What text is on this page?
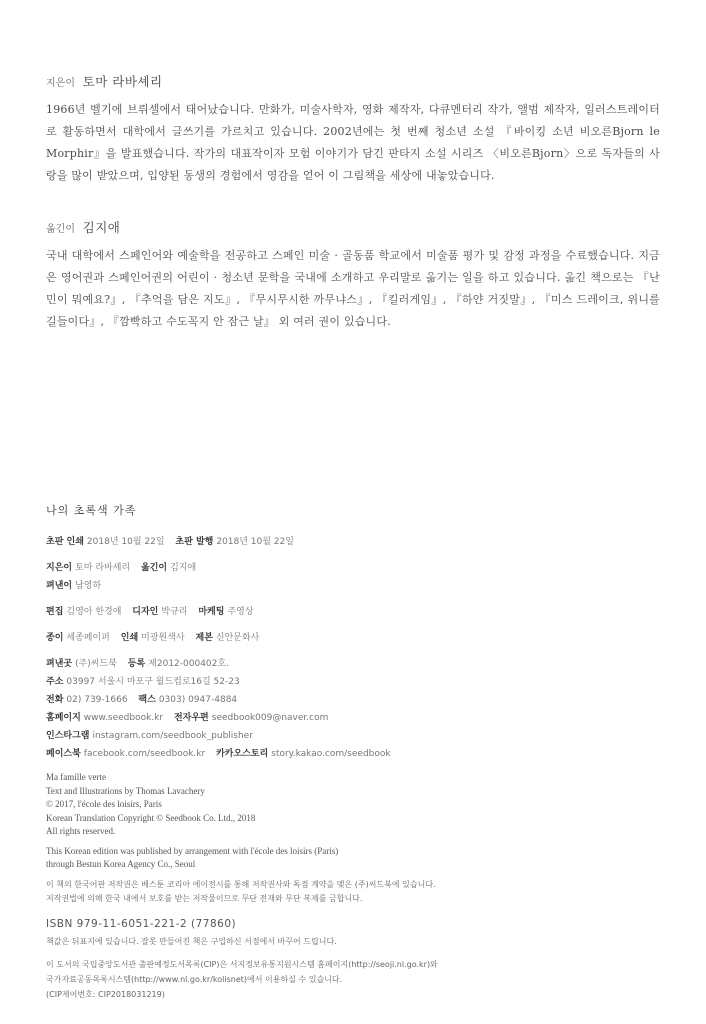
지은이 토마 라바셰리
1966년 벨기에 브뤼셀에서 태어났습니다. 만화가, 미술사학자, 영화 제작자, 다큐멘터리 작가, 앨범 제작자, 일러스트레이터로 활동하면서 대학에서 글쓰기를 가르치고 있습니다. 2002년에는 첫 번째 청소년 소설 『바이킹 소년 비오른Bjorn le Morphir』을 발표했습니다. 작가의 대표작이자 모험 이야기가 담긴 판타지 소설 시리즈 〈비오른Bjorn〉으로 독자들의 사랑을 많이 받았으며, 입양된 동생의 경험에서 영감을 얻어 이 그림책을 세상에 내놓았습니다.
옮긴이 김지애
국내 대학에서 스페인어와 예술학을 전공하고 스페인 미술 · 골동품 학교에서 미술품 평가 및 감정 과정을 수료했습니다. 지금은 영어권과 스페인어권의 어린이 · 청소년 문학을 국내에 소개하고 우리말로 옮기는 일을 하고 있습니다. 옮긴 책으로는 『난민이 뭐예요?』, 『추억을 담은 지도』, 『무시무시한 까무냐스』, 『킬러게임』, 『하얀 거짓말』, 『미스 드레이크, 위니를 길들이다』, 『깜빡하고 수도꼭지 안 잠근 날』 외 여러 권이 있습니다.
나의 초록색 가족
초판 인쇄 2018년 10월 22일 초판 발행 2018년 10월 22일
지은이 토마 라바셰리 옮긴이 김지애
펴낸이 남영하
편집 김영아 한경애 디자인 박규리 마케팅 주영상
종이 세종페이퍼 인쇄 미광원색사 제본 신안문화사
펴낸곳 (주)씨드북 등록 제2012-000402호.
주소 03997 서울시 마포구 월드컵로16길 52-23
전화 02) 739-1666 팩스 0303) 0947-4884
홈페이지 www.seedbook.kr 전자우편 seedbook009@naver.com
인스타그램 instagram.com/seedbook_publisher
페이스북 facebook.com/seedbook.kr 카카오스토리 story.kakao.com/seedbook

Ma famille verte

Text and Illustrations by Thomas Lavachery

© 2017, l'école des loisirs, Paris

Korean Translation Copyright © Seedbook Co. Ltd., 2018

All rights reserved.

This Korean edition was published by arrangement with l'école des loisirs (Paris)

through Bestun Korea Agency Co., Seoul

이 책의 한국어판 저작권은 베스툰 코리아 에이전시를 통해 저작권사와 독점 계약을 맺은 (주)씨드북에 있습니다.

저작권법에 의해 한국 내에서 보호를 받는 저작물이므로 무단 전재와 무단 복제를 금합니다.

ISBN 979-11-6051-221-2 (77860)
책값은 뒤표지에 있습니다. 잘못 만들어진 책은 구입하신 서점에서 바꾸어 드립니다.

이 도서의 국립중앙도서관 출판예정도서목록(CIP)은 서지정보유통지원시스템 홈페이지(http://seoji.nl.go.kr)와

국가자료공동목록시스템(http://www.nl.go.kr/kolisnet)에서 이용하실 수 있습니다.

(CIP제어번호: CIP2018031219)
